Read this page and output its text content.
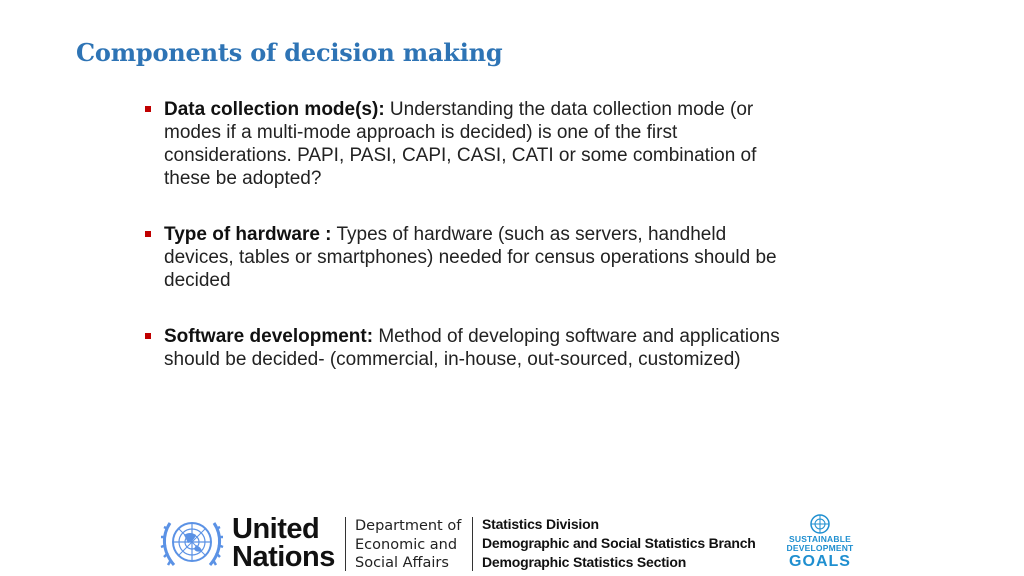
Components of decision making
Data collection mode(s): Understanding the data collection mode (or modes if a multi-mode approach is decided) is one of the first considerations. PAPI, PASI, CAPI, CASI, CATI or some combination of these be adopted?
Type of hardware : Types of hardware (such as servers, handheld devices, tables or smartphones) needed for census operations should be decided
Software development: Method of developing software and applications should be decided- (commercial, in-house, out-sourced, customized)
United
Nations
Department of
Economic and
Social Affairs
Statistics Division
Demographic and Social Statistics Branch
Demographic Statistics Section
SUSTAINABLE
DEVELOPMENT
GOALS
